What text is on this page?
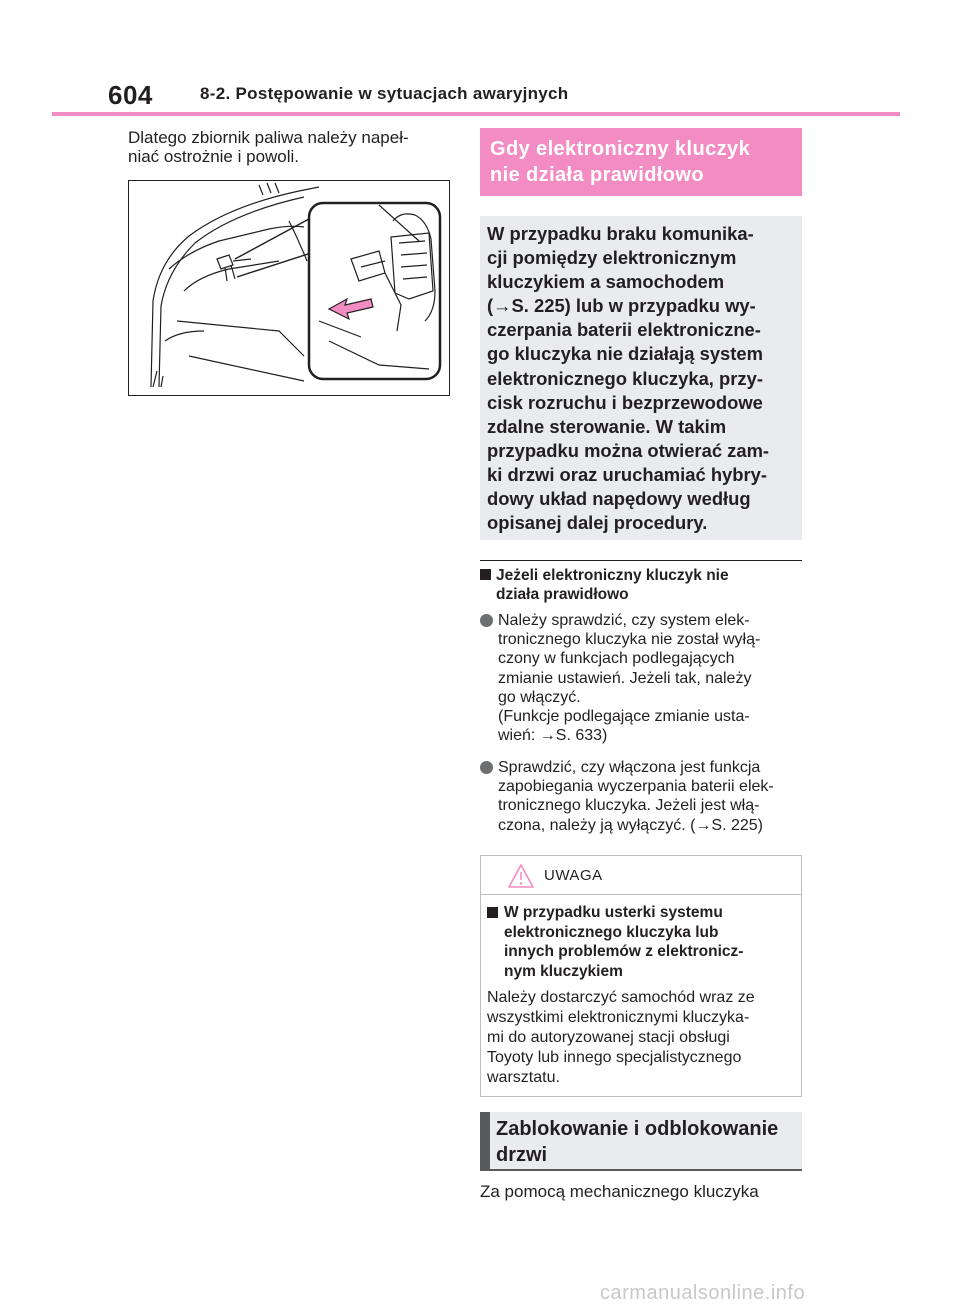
604	8-2. Postępowanie w sytuacjach awaryjnych
Dlatego zbiornik paliwa należy napeł-
niać ostrożnie i powoli.	Gdy elektroniczny kluczyk
nie działa prawidłowo
W przypadku braku komunika-
cji pomiędzy elektronicznym
kluczykiem a samochodem
(→S. 225) lub w przypadku wy-
czerpania baterii elektroniczne-
go kluczyka nie działają system
elektronicznego kluczyka, przy-
cisk rozruchu i bezprzewodowe
zdalne sterowanie. W takim
przypadku można otwierać zam-
ki drzwi oraz uruchamiać hybry-
dowy układ napędowy według
opisanej dalej procedury.
Jeżeli elektroniczny kluczyk nie
działa prawidłowo
Należy sprawdzić, czy system elek-
tronicznego kluczyka nie został wyłą-
czony w funkcjach podlegających
zmianie ustawień. Jeżeli tak, należy
go włączyć.
(Funkcje podlegające zmianie usta-
wień: →S. 633)
Sprawdzić, czy włączona jest funkcja
zapobiegania wyczerpania baterii elek-
tronicznego kluczyka. Jeżeli jest włą-
czona, należy ją wyłączyć. (→S. 225)
UWAGA
W przypadku usterki systemu
elektronicznego kluczyka lub
innych problemów z elektronicz-
nym kluczykiem
Należy dostarczyć samochód wraz ze
wszystkimi elektronicznymi kluczyka-
mi do autoryzowanej stacji obsługi
Toyoty lub innego specjalistycznego
warsztatu.
Zablokowanie i odblokowanie
drzwi
Za pomocą mechanicznego kluczyka
carmanualsonline.info
